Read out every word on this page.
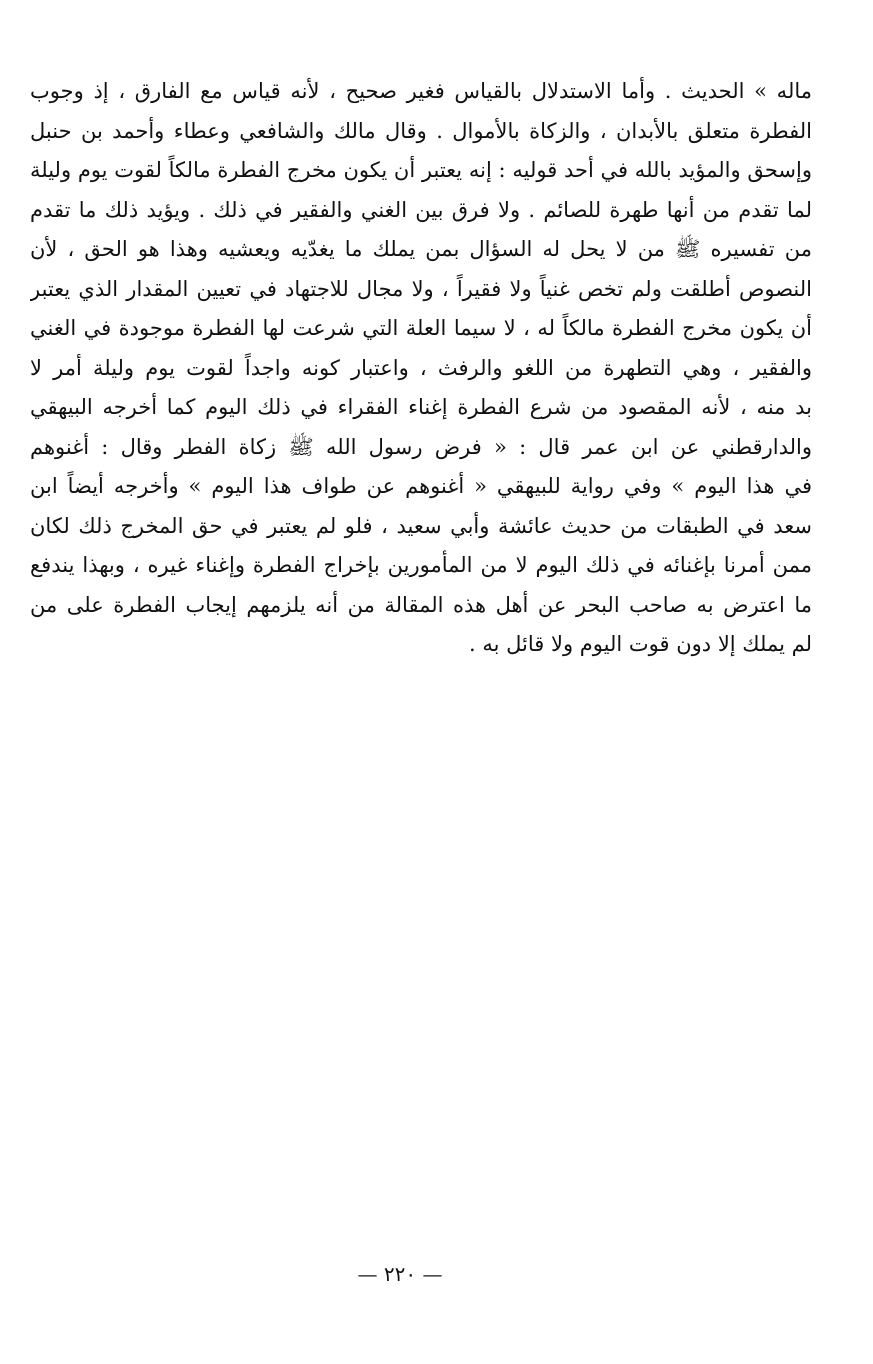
ماله » الحديث . وأما الاستدلال بالقياس فغير صحيح ، لأنه قياس مع الفارق ، إذ وجوب
الفطرة متعلق بالأبدان ، والزكاة بالأموال . وقال مالك والشافعي وعطاء وأحمد بن حنبل
وإسحق والمؤيد بالله في أحد قوليه : إنه يعتبر أن يكون مخرج الفطرة مالكاً لقوت يوم وليلة
لما تقدم من أنها طهرة للصائم . ولا فرق بين الغني والفقير في ذلك . ويؤيد ذلك ما تقدم
من تفسيره ﷺ من لا يحل له السؤال بمن يملك ما يغدّيه ويعشيه وهذا هو الحق ، لأن
النصوص أطلقت ولم تخص غنياً ولا فقيراً ، ولا مجال للاجتهاد في تعيين المقدار الذي يعتبر
أن يكون مخرج الفطرة مالكاً له ، لا سيما العلة التي شرعت لها الفطرة موجودة في الغني
والفقير ، وهي التطهرة من اللغو والرفث ، واعتبار كونه واجداً لقوت يوم وليلة أمر لا
بد منه ، لأنه المقصود من شرع الفطرة إغناء الفقراء في ذلك اليوم كما أخرجه البيهقي
والدارقطني عن ابن عمر قال : « فرض رسول الله ﷺ زكاة الفطر وقال : أغنوهم
في هذا اليوم » وفي رواية للبيهقي « أغنوهم عن طواف هذا اليوم » وأخرجه أيضاً ابن
سعد في الطبقات من حديث عائشة وأبي سعيد ، فلو لم يعتبر في حق المخرج ذلك لكان
ممن أمرنا بإغنائه في ذلك اليوم لا من المأمورين بإخراج الفطرة وإغناء غيره ، وبهذا يندفع
ما اعترض به صاحب البحر عن أهل هذه المقالة من أنه يلزمهم إيجاب الفطرة على من
لم يملك إلا دون قوت اليوم ولا قائل به .
— ٢٢٠ —
